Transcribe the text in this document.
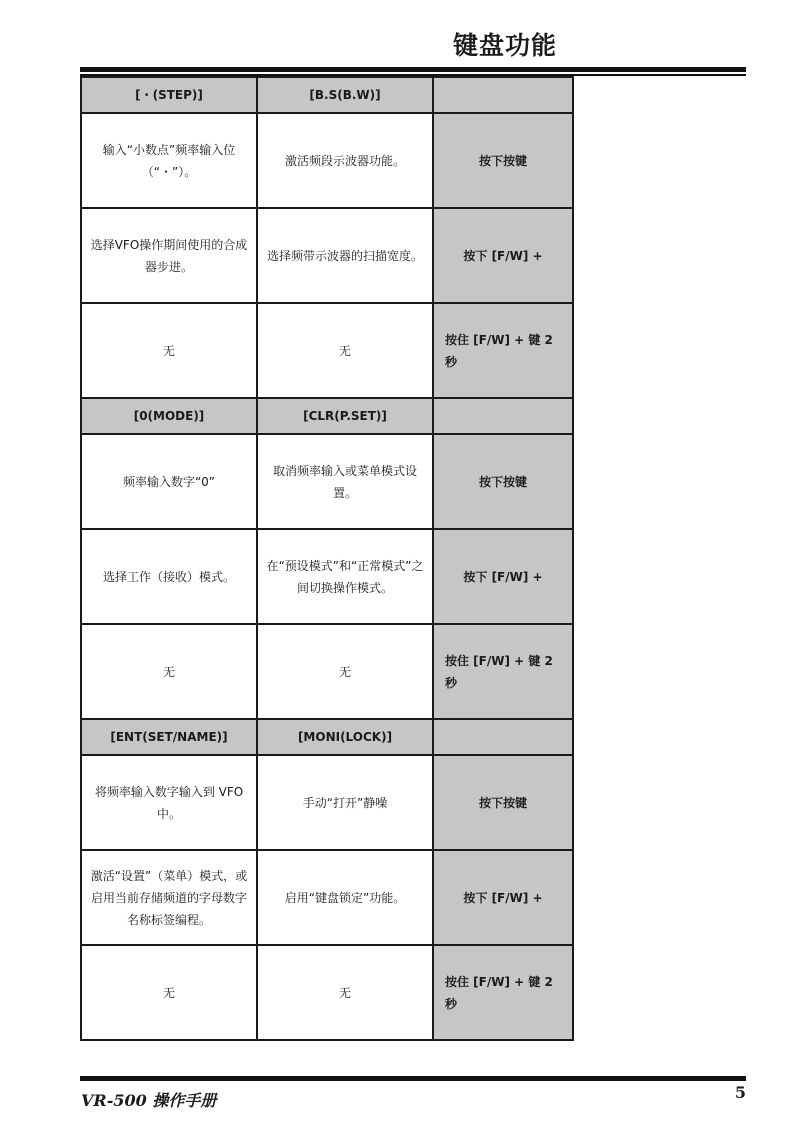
键盘功能
[・(STEP)]	[B.S(B.W)]	
输入“小数点”频率输入位（“・”）。	激活频段示波器功能。	按下按键
选择VFO操作期间使用的合成器步进。	选择频带示波器的扫描宽度。	按下 [F/W] +
无	无	按住 [F/W] + 键 2 秒
[0(MODE)]	[CLR(P.SET)]	
频率输入数字“0”	取消频率输入或菜单模式设置。	按下按键
选择工作（接收）模式。	在“预设模式”和“正常模式”之间切换操作模式。	按下 [F/W] +
无	无	按住 [F/W] + 键 2 秒
[ENT(SET/NAME)]	[MONI(LOCK)]	
将频率输入数字输入到 VFO 中。	手动“打开”静噪	按下按键
激活“设置”（菜单）模式，或启用当前存储频道的字母数字名称标签编程。	启用“键盘锁定”功能。	按下 [F/W] +
无	无	按住 [F/W] + 键 2 秒
VR-500 操作手册	5
